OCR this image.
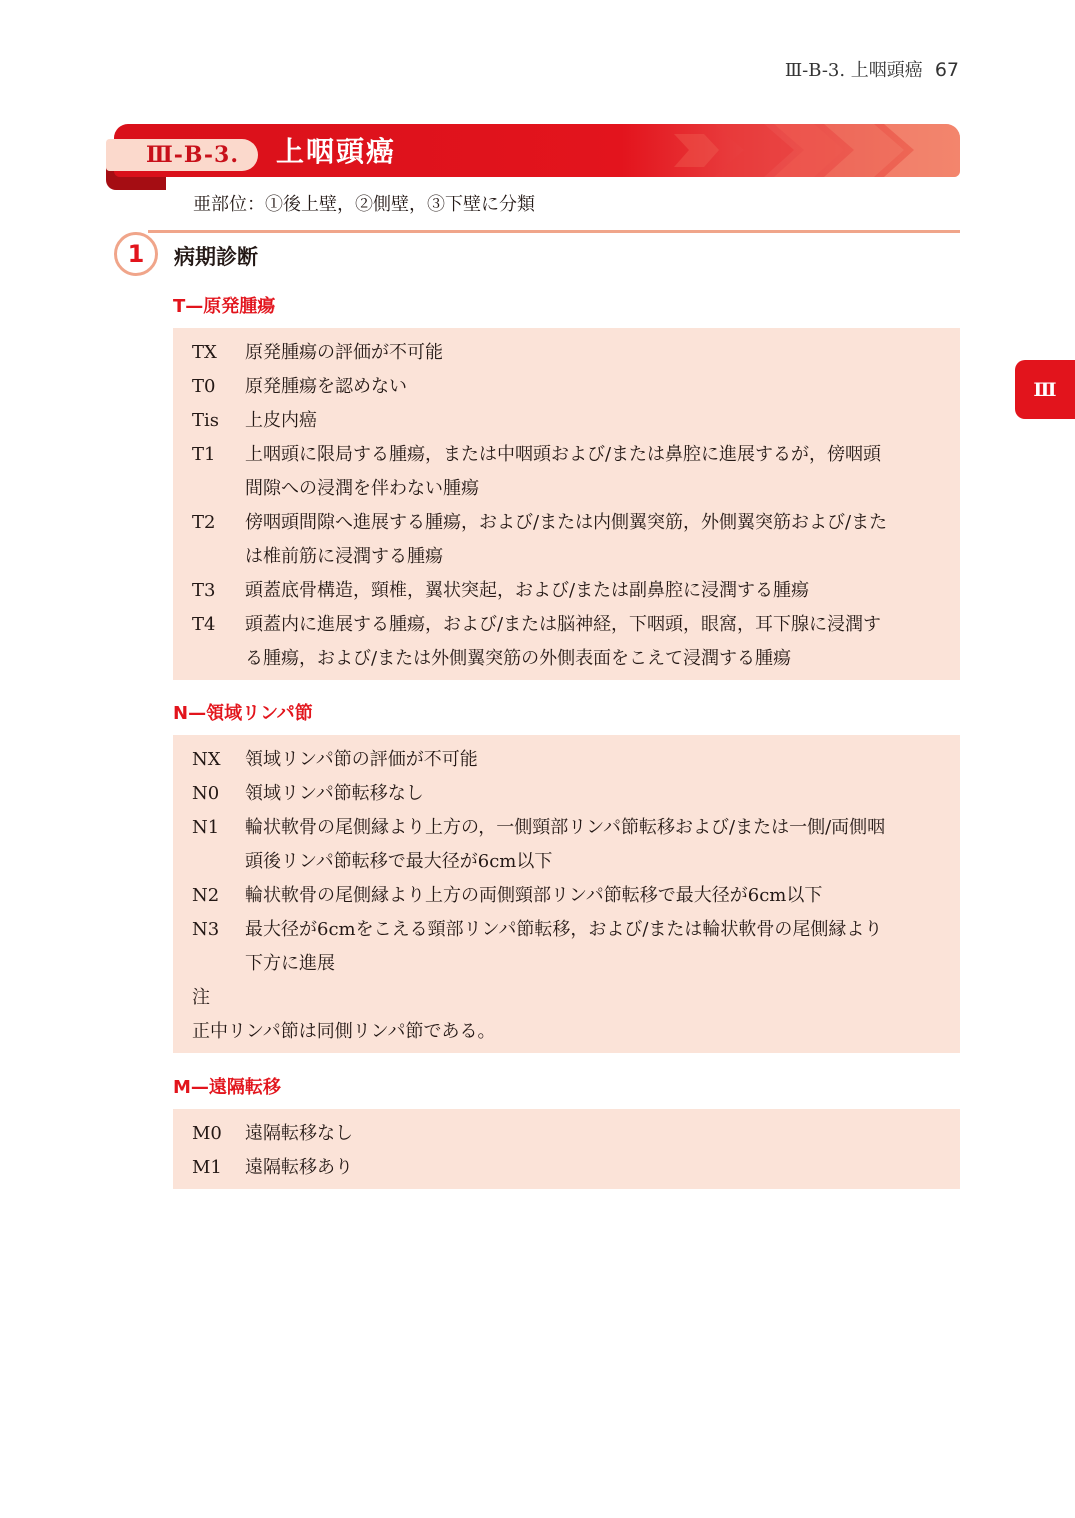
Ⅲ-B-3. 上咽頭癌 67
Ⅲ
Ⅲ-B-3.	上咽頭癌
亜部位：①後上壁，②側壁，③下壁に分類
1	病期診断
T—原発腫瘍
TX	原発腫瘍の評価が不可能
T0	原発腫瘍を認めない
Tis	上皮内癌
T1	上咽頭に限局する腫瘍，または中咽頭および/または鼻腔に進展するが，傍咽頭
間隙への浸潤を伴わない腫瘍
T2	傍咽頭間隙へ進展する腫瘍，および/または内側翼突筋，外側翼突筋および/また
は椎前筋に浸潤する腫瘍
T3	頭蓋底骨構造，頸椎，翼状突起，および/または副鼻腔に浸潤する腫瘍
T4	頭蓋内に進展する腫瘍，および/または脳神経，下咽頭，眼窩，耳下腺に浸潤す
る腫瘍，および/または外側翼突筋の外側表面をこえて浸潤する腫瘍
N—領域リンパ節
NX	領域リンパ節の評価が不可能
N0	領域リンパ節転移なし
N1	輪状軟骨の尾側縁より上方の，一側頸部リンパ節転移および/または一側/両側咽
頭後リンパ節転移で最大径が6cm以下
N2	輪状軟骨の尾側縁より上方の両側頸部リンパ節転移で最大径が6cm以下
N3	最大径が6cmをこえる頸部リンパ節転移，および/または輪状軟骨の尾側縁より
下方に進展
注
正中リンパ節は同側リンパ節である。
M—遠隔転移
M0	遠隔転移なし
M1	遠隔転移あり
